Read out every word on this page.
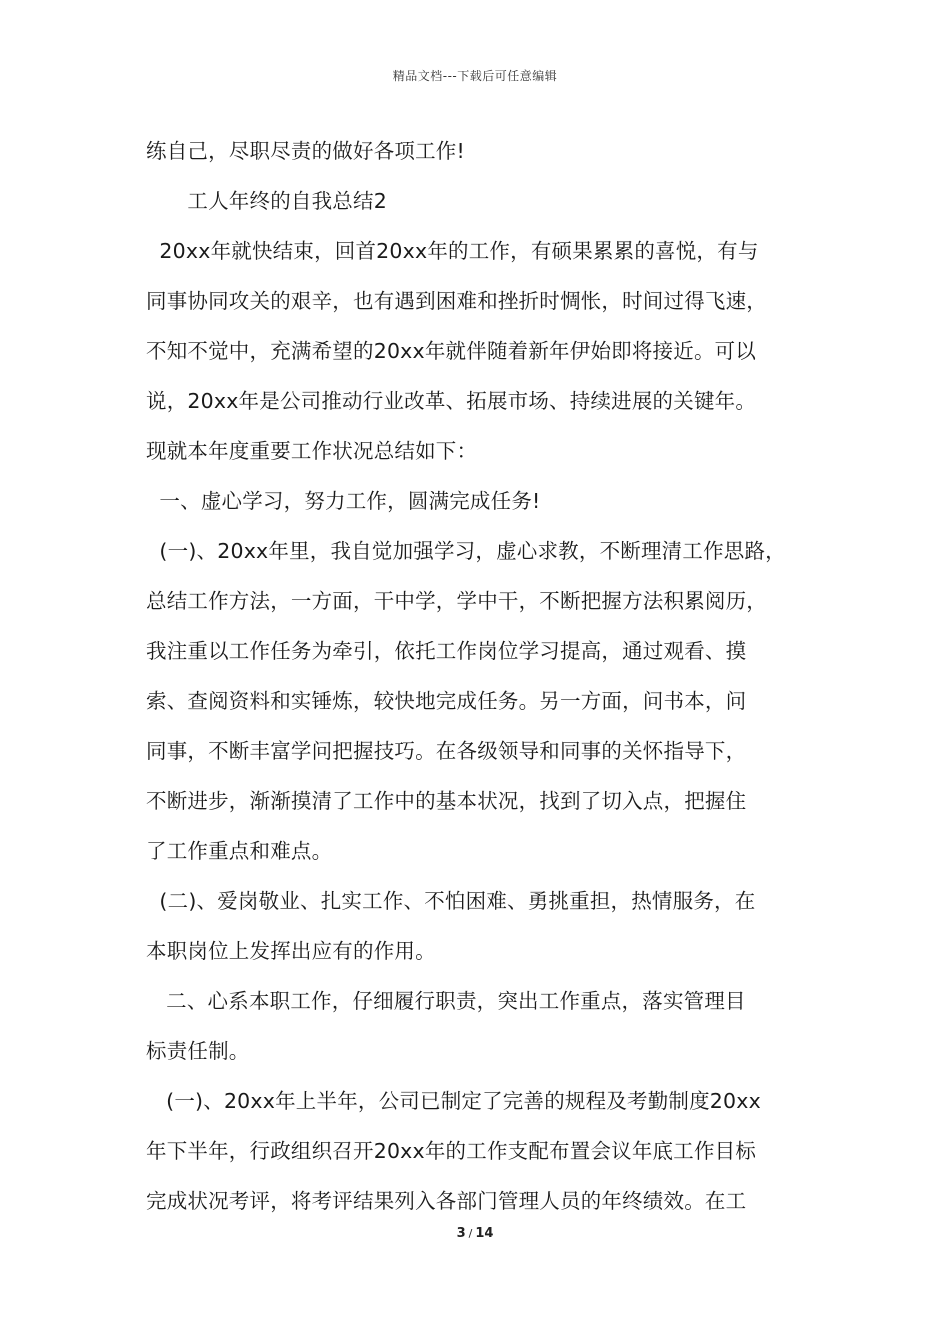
精品文档---下载后可任意编辑
练自己，尽职尽责的做好各项工作!
　　工人年终的自我总结2
20xx年就快结束，回首20xx年的工作，有硕果累累的喜悦，有与
同事协同攻关的艰辛，也有遇到困难和挫折时惆怅，时间过得飞速，
不知不觉中，充满希望的20xx年就伴随着新年伊始即将接近。可以
说，20xx年是公司推动行业改革、拓展市场、持续进展的关键年。
现就本年度重要工作状况总结如下：
一、虚心学习，努力工作，圆满完成任务!
(一)、20xx年里，我自觉加强学习，虚心求教，不断理清工作思路，
总结工作方法，一方面，干中学，学中干，不断把握方法积累阅历，
我注重以工作任务为牵引，依托工作岗位学习提高，通过观看、摸
索、查阅资料和实锤炼，较快地完成任务。另一方面，问书本，问
同事，不断丰富学问把握技巧。在各级领导和同事的关怀指导下，
不断进步，渐渐摸清了工作中的基本状况，找到了切入点，把握住
了工作重点和难点。
(二)、爱岗敬业、扎实工作、不怕困难、勇挑重担，热情服务，在
本职岗位上发挥出应有的作用。
二、心系本职工作，仔细履行职责，突出工作重点，落实管理目
标责任制。
(一)、20xx年上半年，公司已制定了完善的规程及考勤制度20xx
年下半年，行政组织召开20xx年的工作支配布置会议年底工作目标
完成状况考评，将考评结果列入各部门管理人员的年终绩效。在工
3 / 14
